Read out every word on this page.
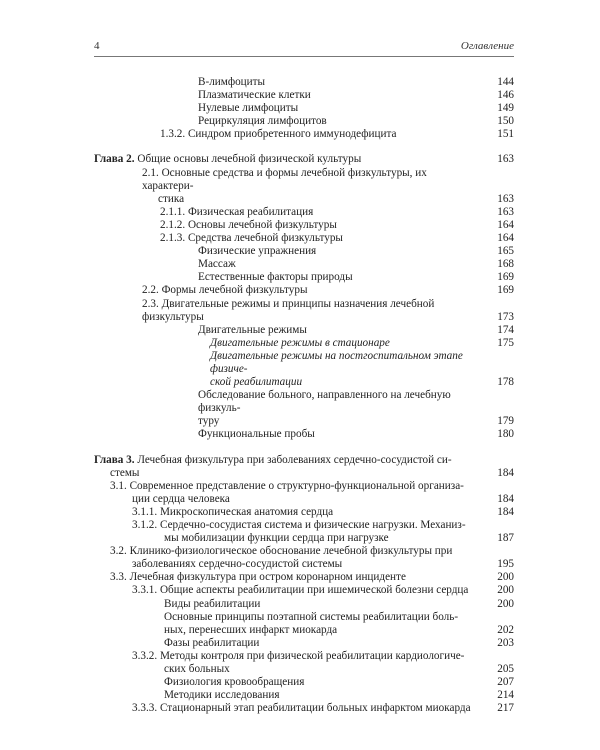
4	Оглавление
B-лимфоциты	144
Плазматические клетки	146
Нулевые лимфоциты	149
Рециркуляция лимфоцитов	150
1.3.2. Синдром приобретенного иммунодефицита	151
Глава 2. Общие основы лечебной физической культуры	163
2.1. Основные средства и формы лечебной физкультуры, их характери-
стика	163
2.1.1. Физическая реабилитация	163
2.1.2. Основы лечебной физкультуры	164
2.1.3. Средства лечебной физкультуры	164
Физические упражнения	165
Массаж	168
Естественные факторы природы	169
2.2. Формы лечебной физкультуры	169
2.3. Двигательные режимы и принципы назначения лечебной физкультуры	173
Двигательные режимы	174
Двигательные режимы в стационаре	175
Двигательные режимы на постгоспитальном этапе физиче-
ской реабилитации	178
Обследование больного, направленного на лечебную физкуль-
туру	179
Функциональные пробы	180
Глава 3. Лечебная физкультура при заболеваниях сердечно-сосудистой си-
стемы	184
3.1. Современное представление о структурно-функциональной организа-
ции сердца человека	184
3.1.1. Микроскопическая анатомия сердца	184
3.1.2. Сердечно-сосудистая система и физические нагрузки. Механиз-
мы мобилизации функции сердца при нагрузке	187
3.2. Клинико-физиологическое обоснование лечебной физкультуры при
заболеваниях сердечно-сосудистой системы	195
3.3. Лечебная физкультура при остром коронарном инциденте	200
3.3.1. Общие аспекты реабилитации при ишемической болезни сердца	200
Виды реабилитации	200
Основные принципы поэтапной системы реабилитации боль-
ных, перенесших инфаркт миокарда	202
Фазы реабилитации	203
3.3.2. Методы контроля при физической реабилитации кардиологиче-
ских больных	205
Физиология кровообращения	207
Методики исследования	214
3.3.3. Стационарный этап реабилитации больных инфарктом миокарда	217
